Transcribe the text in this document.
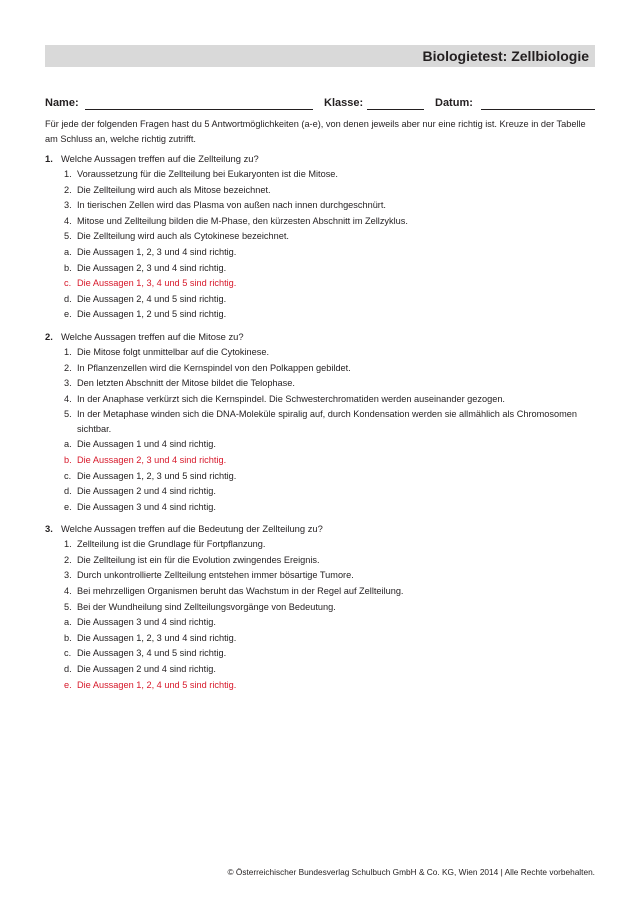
Biologietest: Zellbiologie
Name:	Klasse:	Datum:
Für jede der folgenden Fragen hast du 5 Antwortmöglichkeiten (a-e), von denen jeweils aber nur eine richtig ist. Kreuze in der Tabelle am Schluss an, welche richtig zutrifft.
1. Welche Aussagen treffen auf die Zellteilung zu?
1. Voraussetzung für die Zellteilung bei Eukaryonten ist die Mitose.
2. Die Zellteilung wird auch als Mitose bezeichnet.
3. In tierischen Zellen wird das Plasma von außen nach innen durchgeschnürt.
4. Mitose und Zellteilung bilden die M-Phase, den kürzesten Abschnitt im Zellzyklus.
5. Die Zellteilung wird auch als Cytokinese bezeichnet.
a. Die Aussagen 1, 2, 3 und 4 sind richtig.
b. Die Aussagen 2, 3 und 4 sind richtig.
c. Die Aussagen 1, 3, 4 und 5 sind richtig.
d. Die Aussagen 2, 4 und 5 sind richtig.
e. Die Aussagen 1, 2 und 5 sind richtig.
2. Welche Aussagen treffen auf die Mitose zu?
1. Die Mitose folgt unmittelbar auf die Cytokinese.
2. In Pflanzenzellen wird die Kernspindel von den Polkappen gebildet.
3. Den letzten Abschnitt der Mitose bildet die Telophase.
4. In der Anaphase verkürzt sich die Kernspindel. Die Schwesterchromatiden werden auseinander gezogen.
5. In der Metaphase winden sich die DNA-Moleküle spiralig auf, durch Kondensation werden sie allmählich als Chromosomen sichtbar.
a. Die Aussagen 1 und 4 sind richtig.
b. Die Aussagen 2, 3 und 4 sind richtig.
c. Die Aussagen 1, 2, 3 und 5 sind richtig.
d. Die Aussagen 2 und 4 sind richtig.
e. Die Aussagen 3 und 4 sind richtig.
3. Welche Aussagen treffen auf die Bedeutung der Zellteilung zu?
1. Zellteilung ist die Grundlage für Fortpflanzung.
2. Die Zellteilung ist ein für die Evolution zwingendes Ereignis.
3. Durch unkontrollierte Zellteilung entstehen immer bösartige Tumore.
4. Bei mehrzelligen Organismen beruht das Wachstum in der Regel auf Zellteilung.
5. Bei der Wundheilung sind Zellteilungsvorgänge von Bedeutung.
a. Die Aussagen 3 und 4 sind richtig.
b. Die Aussagen 1, 2, 3 und 4 sind richtig.
c. Die Aussagen 3, 4 und 5 sind richtig.
d. Die Aussagen 2 und 4 sind richtig.
e. Die Aussagen 1, 2, 4 und 5 sind richtig.
© Österreichischer Bundesverlag Schulbuch GmbH & Co. KG, Wien 2014 | Alle Rechte vorbehalten.
